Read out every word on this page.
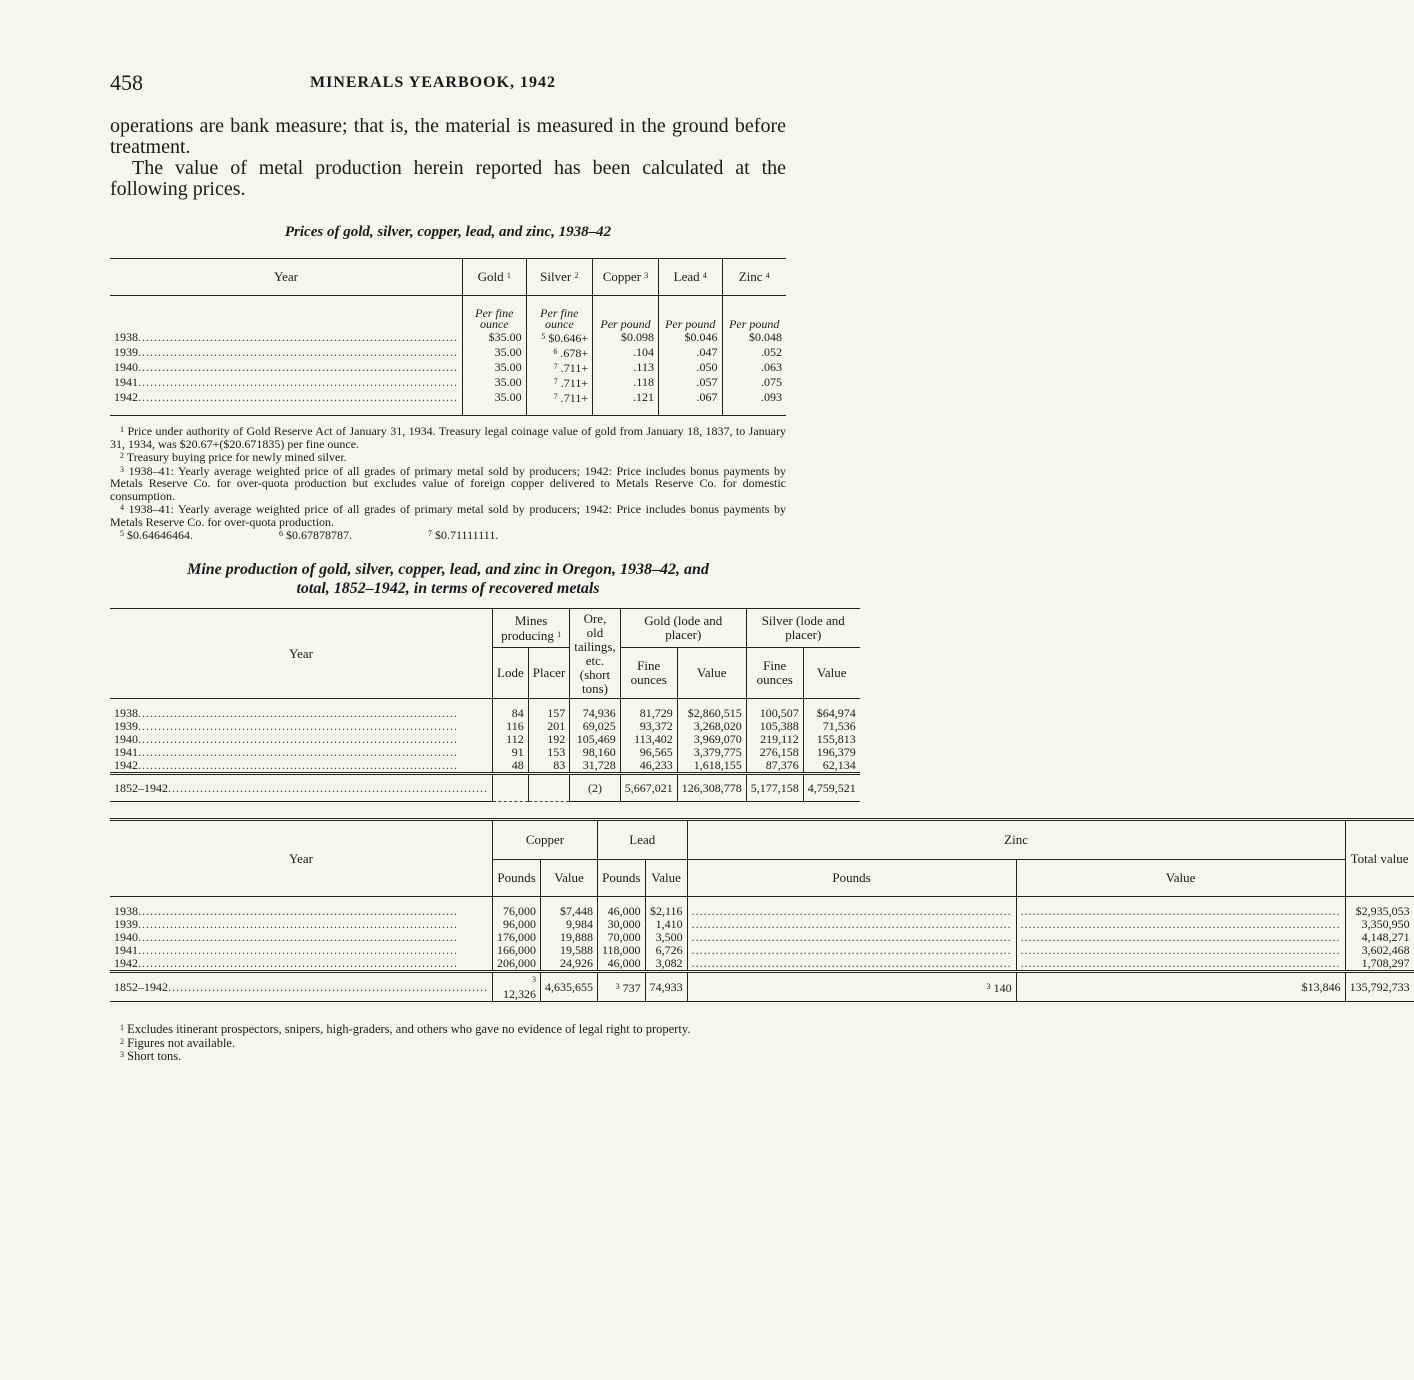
458	MINERALS YEARBOOK, 1942

operations are bank measure; that is, the material is measured in the ground before treatment.

The value of metal production herein reported has been calculated at the following prices.

Prices of gold, silver, copper, lead, and zinc, 1938–42
Year	Gold $^1$	Silver $^2$	Copper $^3$	Lead $^4$	Zinc $^4$
	Per fine ounce	Per fine ounce	Per pound	Per pound	Per pound
1938 .....	$35.00	$^5$ $0.646+	$0.098	$0.046	$0.048
1939 .....	35.00	$^6$ .678+	.104	.047	.052
1940 .....	35.00	$^7$ .711+	.113	.050	.063
1941 .....	35.00	$^7$ .711+	.118	.057	.075
1942 .....	35.00	$^7$ .711+	.121	.067	.093

$^1$ Price under authority of Gold Reserve Act of January 31, 1934. Treasury legal coinage value of gold from January 18, 1837, to January 31, 1934, was $20.67+($20.671835) per fine ounce.

$^2$ Treasury buying price for newly mined silver.

$^3$ 1938–41: Yearly average weighted price of all grades of primary metal sold by producers; 1942: Price includes bonus payments by Metals Reserve Co. for over-quota production but excludes value of foreign copper delivered to Metals Reserve Co. for domestic consumption.

$^4$ 1938–41: Yearly average weighted price of all grades of primary metal sold by producers; 1942: Price includes bonus payments by Metals Reserve Co. for over-quota production.

$^5$ $0.64646464.	$^6$ $0.67878787.	$^7$ $0.71111111.

Mine production of gold, silver, copper, lead, and zinc in Oregon, 1938–42, and
total, 1852–1942, in terms of recovered metals
Year	Mines producing $^1$		Ore, old tailings, etc. (short tons)	Gold (lode and placer)		Silver (lode and placer)	
	Lode	Placer		Fine ounces	Value	Fine ounces	Value

1938 .....	84	157	74,936	81,729	$2,860,515	100,507	$64,974
1939 .....	116	201	69,025	93,372	3,268,020	105,388	71,536
1940 .....	112	192	105,469	113,402	3,969,070	219,112	155,813
1941 .....	91	153	98,160	96,565	3,379,775	276,158	196,379
1942 .....	48	83	31,728	46,233	1,618,155	87,376	62,134
1852–1942 .....			(2)	5,667,021	126,308,778	5,177,158	4,759,521
Year	Copper		Lead		Zinc		Total value
	Pounds	Value	Pounds	Value	Pounds	Value	

1938 .....	76,000	$7,448	46,000	$2,116	.....	.....	$2,935,053
1939 .....	96,000	9,984	30,000	1,410	.....	.....	3,350,950
1940 .....	176,000	19,888	70,000	3,500	.....	.....	4,148,271
1941 .....	166,000	19,588	118,000	6,726	.....	.....	3,602,468
1942 .....	206,000	24,926	46,000	3,082	.....	.....	1,708,297
1852–1942 .....	$^3$ 12,326	4,635,655	$^3$ 737	74,933	$^3$ 140	$13,846	135,792,733

$^1$ Excludes itinerant prospectors, snipers, high-graders, and others who gave no evidence of legal right to property.

$^2$ Figures not available.

$^3$ Short tons.
